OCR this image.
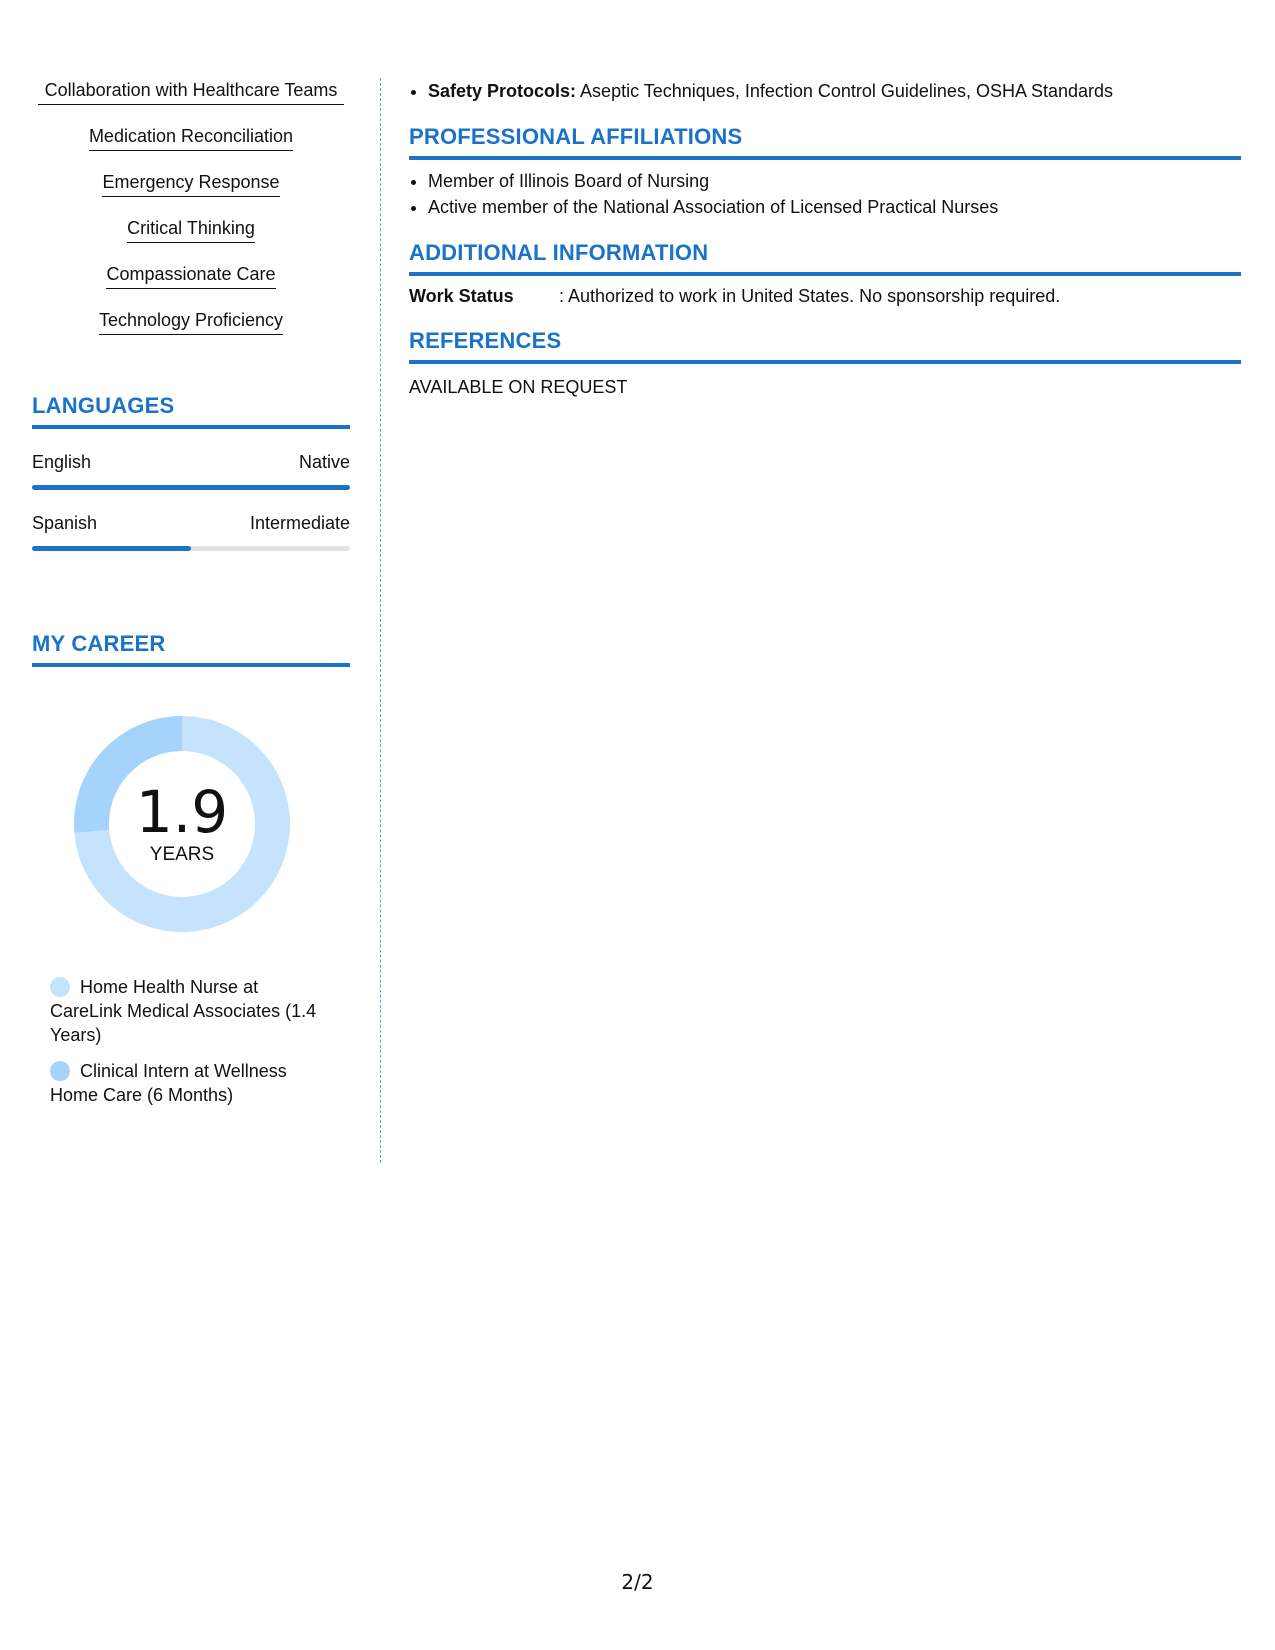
Collaboration with Healthcare Teams
Medication Reconciliation
Emergency Response
Critical Thinking
Compassionate Care
Technology Proficiency
LANGUAGES
English	Native
Spanish	Intermediate
MY CAREER
1.9
YEARS
Home Health Nurse at CareLink Medical Associates (1.4 Years)
Clinical Intern at Wellness Home Care (6 Months)
• Safety Protocols: Aseptic Techniques, Infection Control Guidelines, OSHA Standards
PROFESSIONAL AFFILIATIONS
• Member of Illinois Board of Nursing
• Active member of the National Association of Licensed Practical Nurses
ADDITIONAL INFORMATION
Work Status	: Authorized to work in United States. No sponsorship required.
REFERENCES
AVAILABLE ON REQUEST
2/2
